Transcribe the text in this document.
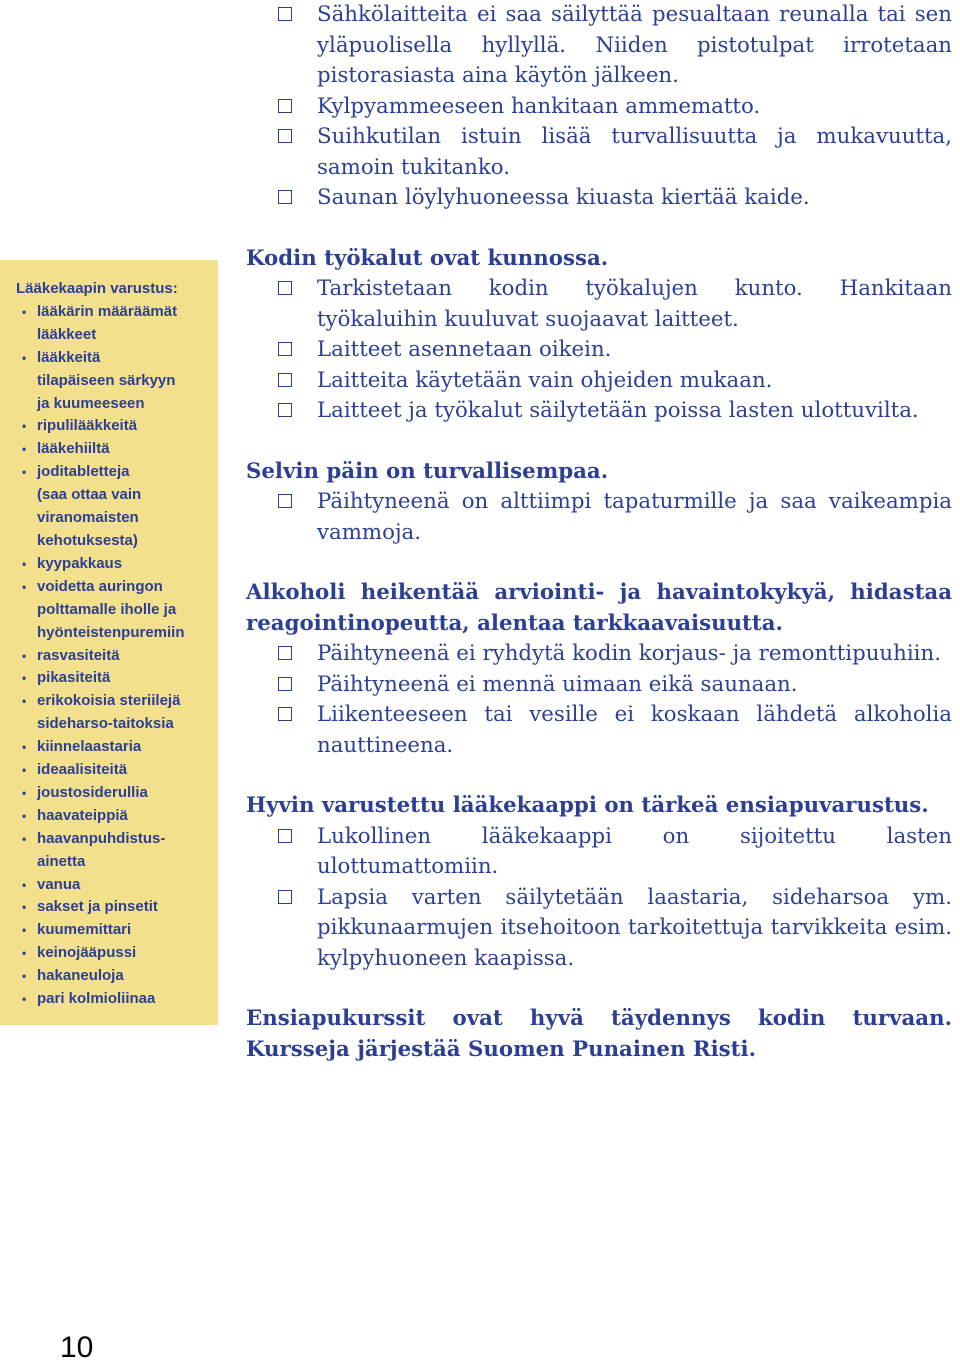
Lääkekaapin varustus:

• lääkärin määräämät
lääkkeet
• lääkkeitä
tilapäiseen särkyyn
ja kuumeeseen
• ripulilääkkeitä
• lääkehiiltä
• joditabletteja
(saa ottaa vain
viranomaisten
kehotuksesta)
• kyypakkaus
• voidetta auringon
polttamalle iholle ja
hyönteistenpuremiin
• rasvasiteitä
• pikasiteitä
• erikokoisia steriilejä
sideharso-taitoksia
• kiinnelaastaria
• ideaalisiteitä
• joustosiderullia
• haavateippiä
• haavanpuhdistus-
ainetta
• vanua
• sakset ja pinsetit
• kuumemittari
• keinojääpussi
• hakaneuloja
• pari kolmioliinaa
Sähkölaitteita ei saa säilyttää pesualtaan reunalla tai sen yläpuolisella hyllyllä. Niiden pistotulpat irrotetaan pistorasiasta aina käytön jälkeen.
Kylpyammeeseen hankitaan ammematto.
Suihkutilan istuin lisää turvallisuutta ja mukavuutta, samoin tukitanko.
Saunan löylyhuoneessa kiuasta kiertää kaide.
Kodin työkalut ovat kunnossa.
Tarkistetaan kodin työkalujen kunto. Hankitaan työkaluihin kuuluvat suojaavat laitteet.
Laitteet asennetaan oikein.
Laitteita käytetään vain ohjeiden mukaan.
Laitteet ja työkalut säilytetään poissa lasten ulottuvilta.
Selvin päin on turvallisempaa.
Päihtyneenä on alttiimpi tapaturmille ja saa vaikeampia vammoja.
Alkoholi heikentää arviointi- ja havaintokykyä, hidastaa reagointinopeutta, alentaa tarkkaavaisuutta.
Päihtyneenä ei ryhdytä kodin korjaus- ja remonttipuuhiin.
Päihtyneenä ei mennä uimaan eikä saunaan.
Liikenteeseen tai vesille ei koskaan lähdetä alkoholia nauttineena.
Hyvin varustettu lääkekaappi on tärkeä ensiapuvarustus.
Lukollinen lääkekaappi on sijoitettu lasten ulottumattomiin.
Lapsia varten säilytetään laastaria, sideharsoa ym. pikkunaarmujen itsehoitoon tarkoitettuja tarvikkeita esim. kylpyhuoneen kaapissa.
Ensiapukurssit ovat hyvä täydennys kodin turvaan. Kursseja järjestää Suomen Punainen Risti.
10
